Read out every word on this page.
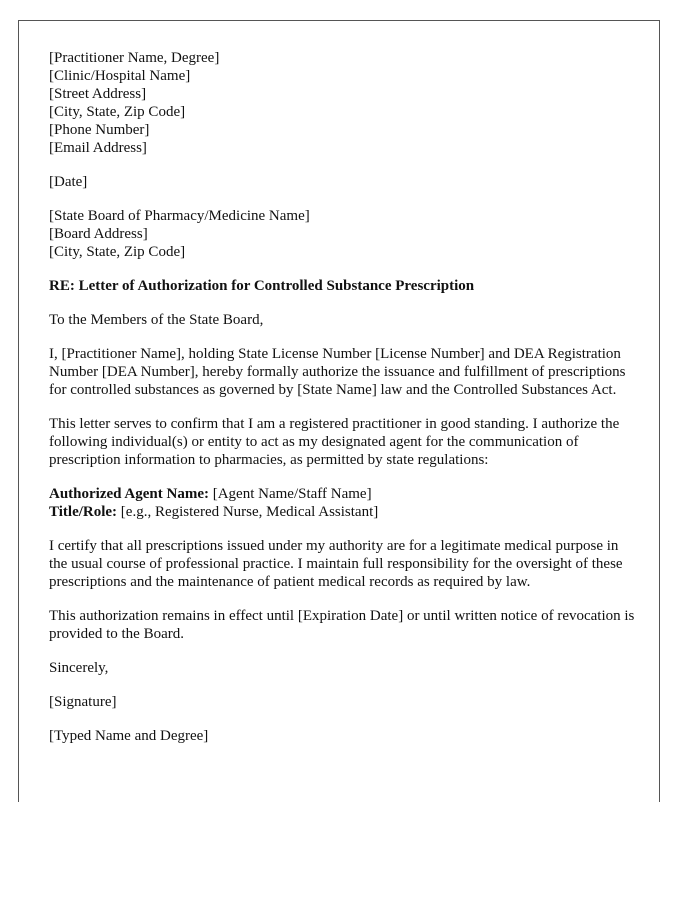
[Practitioner Name, Degree]
[Clinic/Hospital Name]
[Street Address]
[City, State, Zip Code]
[Phone Number]
[Email Address]

[Date]

[State Board of Pharmacy/Medicine Name]
[Board Address]
[City, State, Zip Code]

RE: Letter of Authorization for Controlled Substance Prescription

To the Members of the State Board,

I, [Practitioner Name], holding State License Number [License Number] and DEA Registration Number [DEA Number], hereby formally authorize the issuance and fulfillment of prescriptions for controlled substances as governed by [State Name] law and the Controlled Substances Act.

This letter serves to confirm that I am a registered practitioner in good standing. I authorize the following individual(s) or entity to act as my designated agent for the communication of prescription information to pharmacies, as permitted by state regulations:

Authorized Agent Name: [Agent Name/Staff Name]
Title/Role: [e.g., Registered Nurse, Medical Assistant]

I certify that all prescriptions issued under my authority are for a legitimate medical purpose in the usual course of professional practice. I maintain full responsibility for the oversight of these prescriptions and the maintenance of patient medical records as required by law.

This authorization remains in effect until [Expiration Date] or until written notice of revocation is provided to the Board.

Sincerely,

[Signature]

[Typed Name and Degree]
